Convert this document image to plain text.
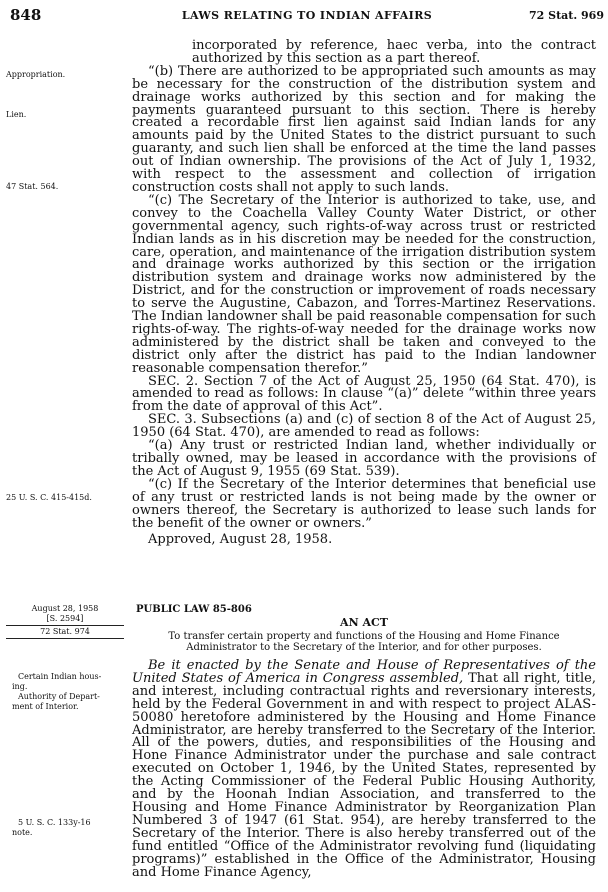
848	LAWS RELATING TO INDIAN AFFAIRS	72 Stat. 969
Appropriation.
Lien.
47 Stat. 564.
25 U. S. C. 415-415d.
August 28, 1958
[S. 2594]
72 Stat. 974
Certain Indian hous-
ing.
Authority of Depart-
ment of Interior.
5 U. S. C. 133y-16
note.

incorporated by reference, haec verba, into the contract authorized by this section as a part thereof.

“(b) There are authorized to be appropriated such amounts as may be necessary for the construction of the distribution system and drainage works authorized by this section and for making the payments guaranteed pursuant to this section. There is hereby created a recordable first lien against said Indian lands for any amounts paid by the United States to the district pursuant to such guaranty, and such lien shall be enforced at the time the land passes out of Indian ownership. The provisions of the Act of July 1, 1932, with respect to the assessment and collection of irrigation construction costs shall not apply to such lands.

“(c) The Secretary of the Interior is authorized to take, use, and convey to the Coachella Valley County Water District, or other governmental agency, such rights-of-way across trust or restricted Indian lands as in his discretion may be needed for the construction, care, operation, and maintenance of the irrigation distribution system and drainage works authorized by this section or the irrigation distribution system and drainage works now administered by the District, and for the construction or improvement of roads necessary to serve the Augustine, Cabazon, and Torres-Martinez Reservations. The Indian landowner shall be paid reasonable compensation for such rights-of-way. The rights-of-way needed for the drainage works now administered by the district shall be taken and conveyed to the district only after the district has paid to the Indian landowner reasonable compensation therefor.”

SEC. 2. Section 7 of the Act of August 25, 1950 (64 Stat. 470), is amended to read as follows: In clause “(a)” delete “within three years from the date of approval of this Act”.

SEC. 3. Subsections (a) and (c) of section 8 of the Act of August 25, 1950 (64 Stat. 470), are amended to read as follows:

“(a) Any trust or restricted Indian land, whether individually or tribally owned, may be leased in accordance with the provisions of the Act of August 9, 1955 (69 Stat. 539).

“(c) If the Secretary of the Interior determines that beneficial use of any trust or restricted lands is not being made by the owner or owners thereof, the Secretary is authorized to lease such lands for the benefit of the owner or owners.”

Approved, August 28, 1958.

PUBLIC LAW 85-806
AN ACT
To transfer certain property and functions of the Housing and Home Finance Administrator to the Secretary of the Interior, and for other purposes.

Be it enacted by the Senate and House of Representatives of the United States of America in Congress assembled, That all right, title, and interest, including contractual rights and reversionary interests, held by the Federal Government in and with respect to project ALAS-50080 heretofore administered by the Housing and Home Finance Administrator, are hereby transferred to the Secretary of the Interior. All of the powers, duties, and responsibilities of the Housing and Hone Finance Administrator under the purchase and sale contract executed on October 1, 1946, by the United States, represented by the Acting Commissioner of the Federal Public Housing Authority, and by the Hoonah Indian Association, and transferred to the Housing and Home Finance Administrator by Reorganization Plan Numbered 3 of 1947 (61 Stat. 954), are hereby transferred to the Secretary of the Interior. There is also hereby transferred out of the fund entitled “Office of the Administrator revolving fund (liquidating programs)” established in the Office of the Administrator, Housing and Home Finance Agency,
